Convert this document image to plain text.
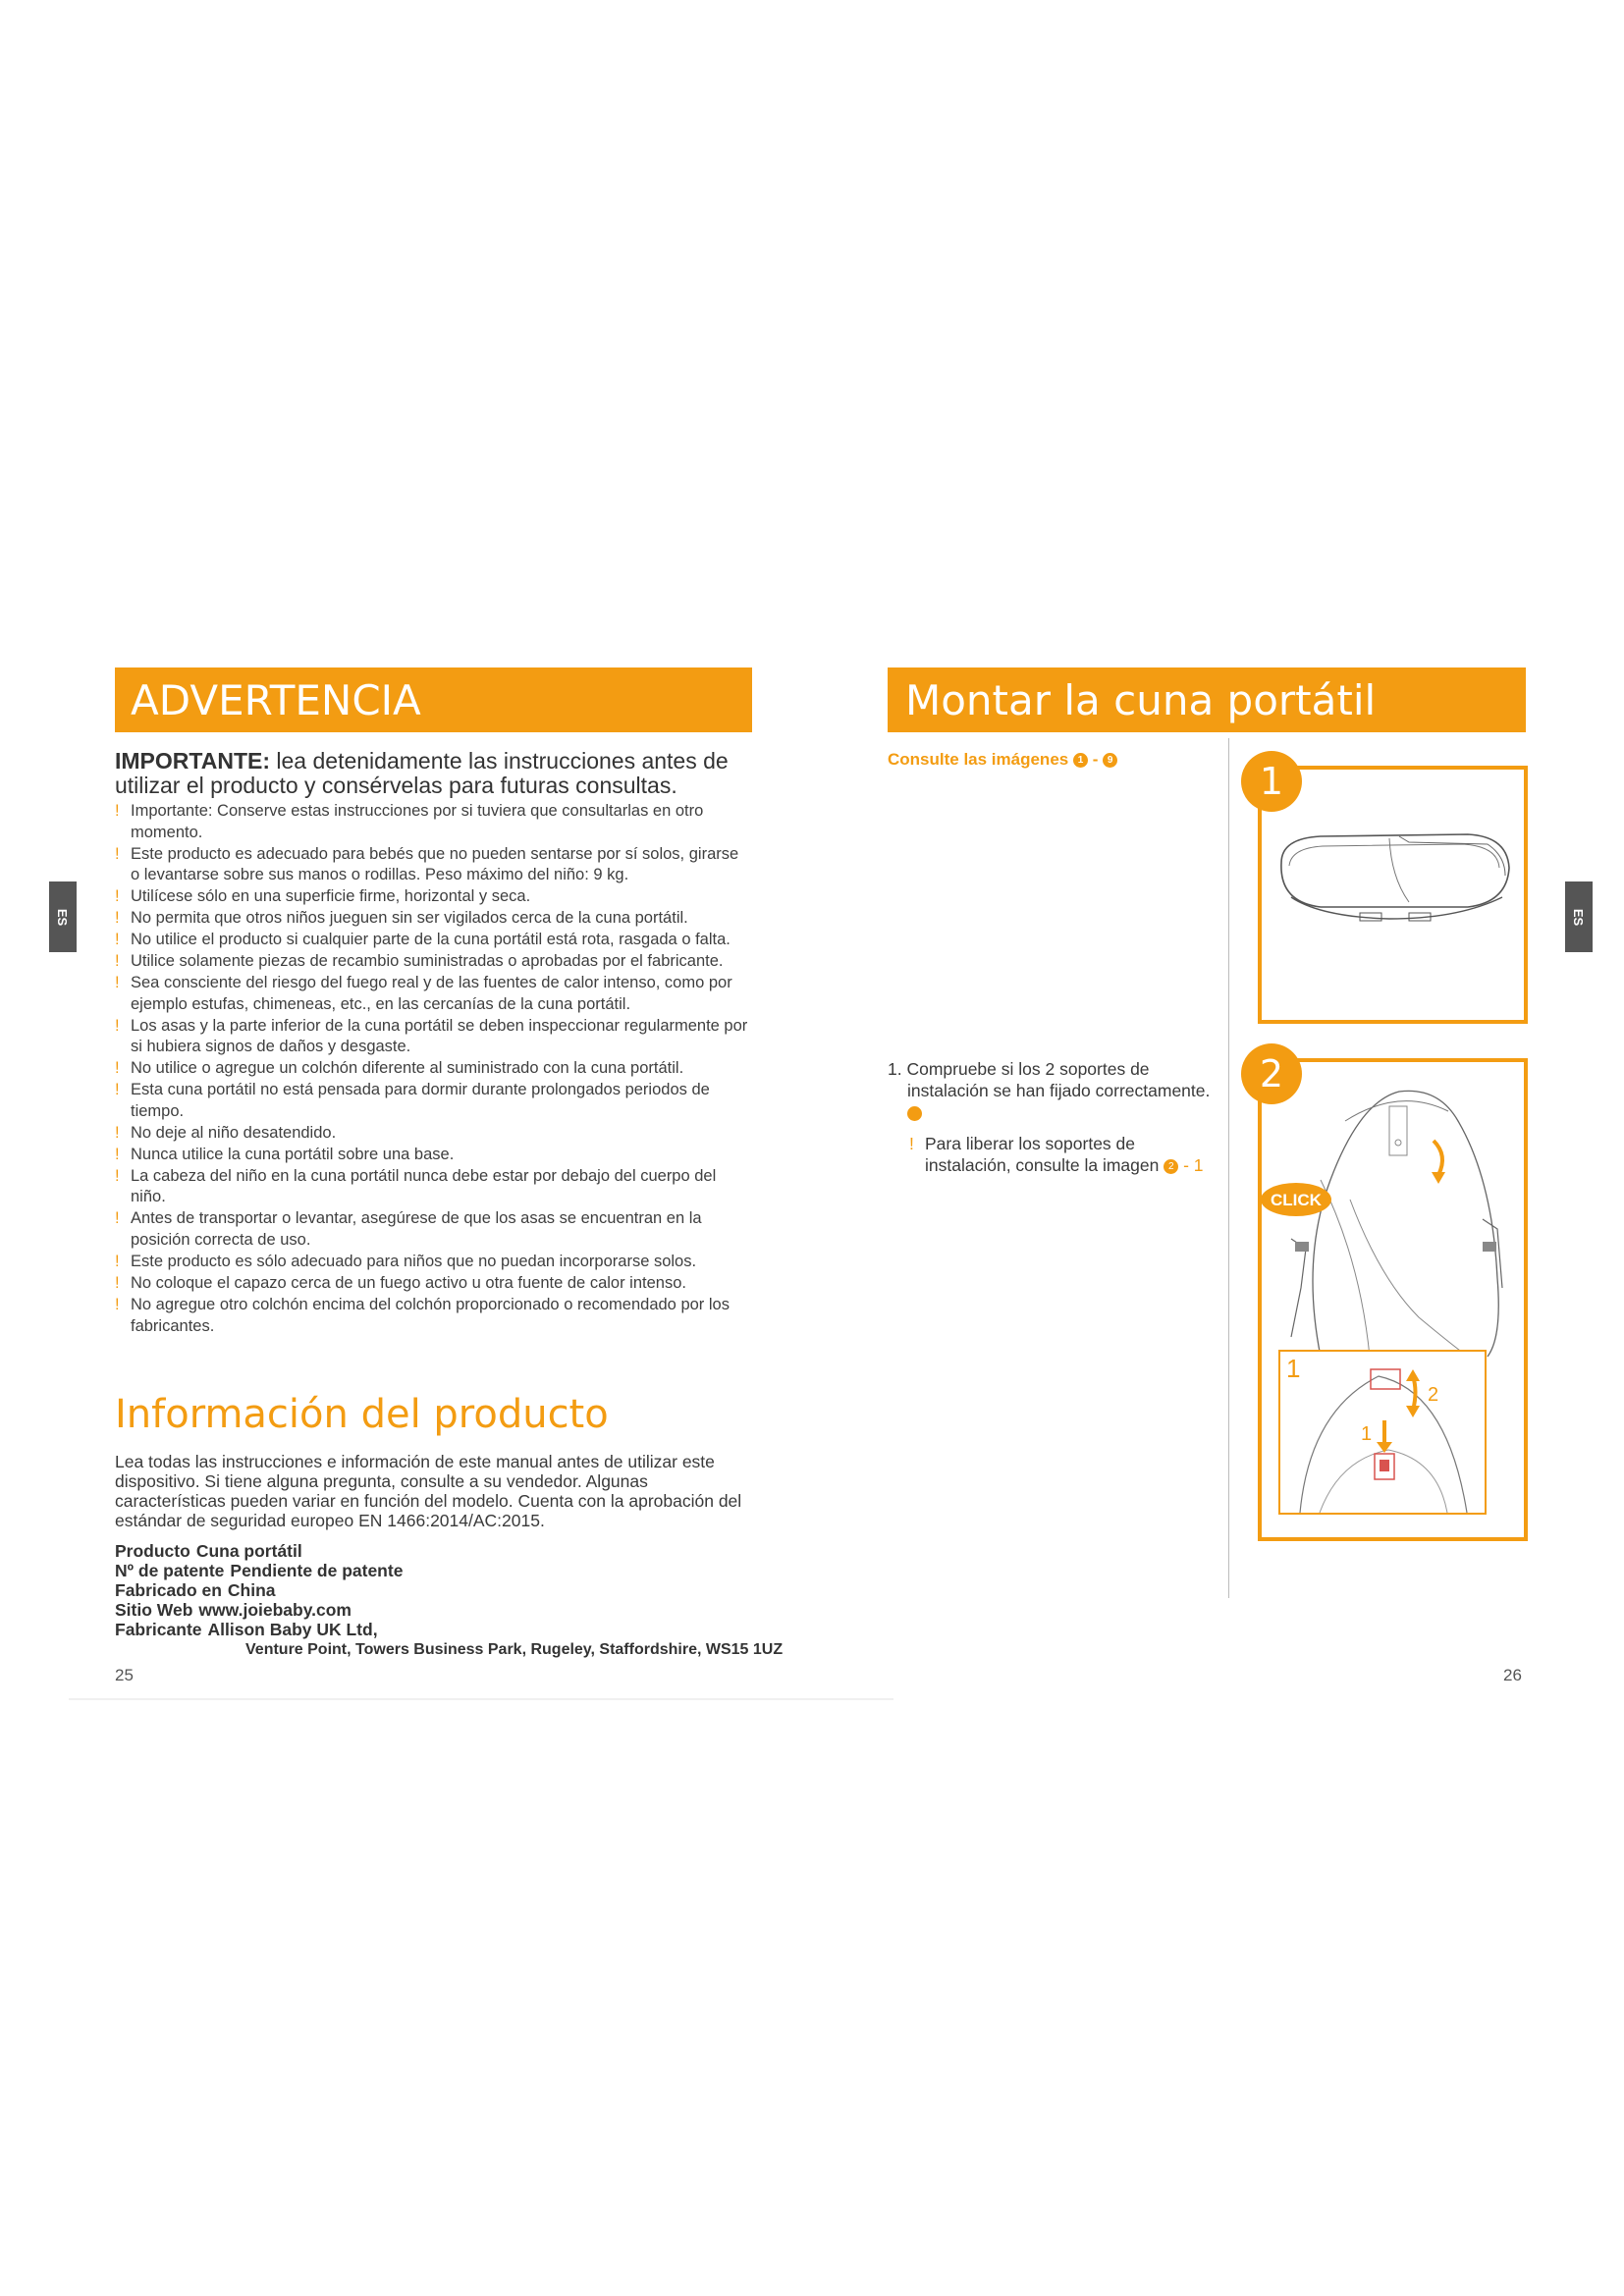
ADVERTENCIA
ES
IMPORTANTE: lea detenidamente las instrucciones antes de utilizar el producto y consérvelas para futuras consultas.
! Importante: Conserve estas instrucciones por si tuviera que consultarlas en otro momento.
! Este producto es adecuado para bebés que no pueden sentarse por sí solos, girarse o levantarse sobre sus manos o rodillas. Peso máximo del niño: 9 kg.
! Utilícese sólo en una superficie firme, horizontal y seca.
! No permita que otros niños jueguen sin ser vigilados cerca de la cuna portátil.
! No utilice el producto si cualquier parte de la cuna portátil está rota, rasgada o falta.
! Utilice solamente piezas de recambio suministradas o aprobadas por el fabricante.
! Sea consciente del riesgo del fuego real y de las fuentes de calor intenso, como por ejemplo estufas, chimeneas, etc., en las cercanías de la cuna portátil.
! Los asas y la parte inferior de la cuna portátil se deben inspeccionar regularmente por si hubiera signos de daños y desgaste.
! No utilice o agregue un colchón diferente al suministrado con la cuna portátil.
! Esta cuna portátil no está pensada para dormir durante prolongados periodos de tiempo.
! No deje al niño desatendido.
! Nunca utilice la cuna portátil sobre una base.
! La cabeza del niño en la cuna portátil nunca debe estar por debajo del cuerpo del niño.
! Antes de transportar o levantar, asegúrese de que los asas se encuentran en la posición correcta de uso.
! Este producto es sólo adecuado para niños que no puedan incorporarse solos.
! No coloque el capazo cerca de un fuego activo u otra fuente de calor intenso.
! No agregue otro colchón encima del colchón proporcionado o recomendado por los fabricantes.
Información del producto
Lea todas las instrucciones e información de este manual antes de utilizar este dispositivo. Si tiene alguna pregunta, consulte a su vendedor. Algunas características pueden variar en función del modelo. Cuenta con la aprobación del estándar de seguridad europeo EN 1466:2014/AC:2015.
Producto Cuna portátil
Nº de patente Pendiente de patente
Fabricado en China
Sitio Web www.joiebaby.com
Fabricante Allison Baby UK Ltd,
Venture Point, Towers Business Park, Rugeley, Staffordshire, WS15 1UZ
25
Montar la cuna portátil
ES
Consulte las imágenes 1 - 9
1. Compruebe si los 2 soportes de instalación se han fijado correctamente. 2
! Para liberar los soportes de instalación, consulte la imagen 2 - 1
1
CLICK
2
1
2
1
26
